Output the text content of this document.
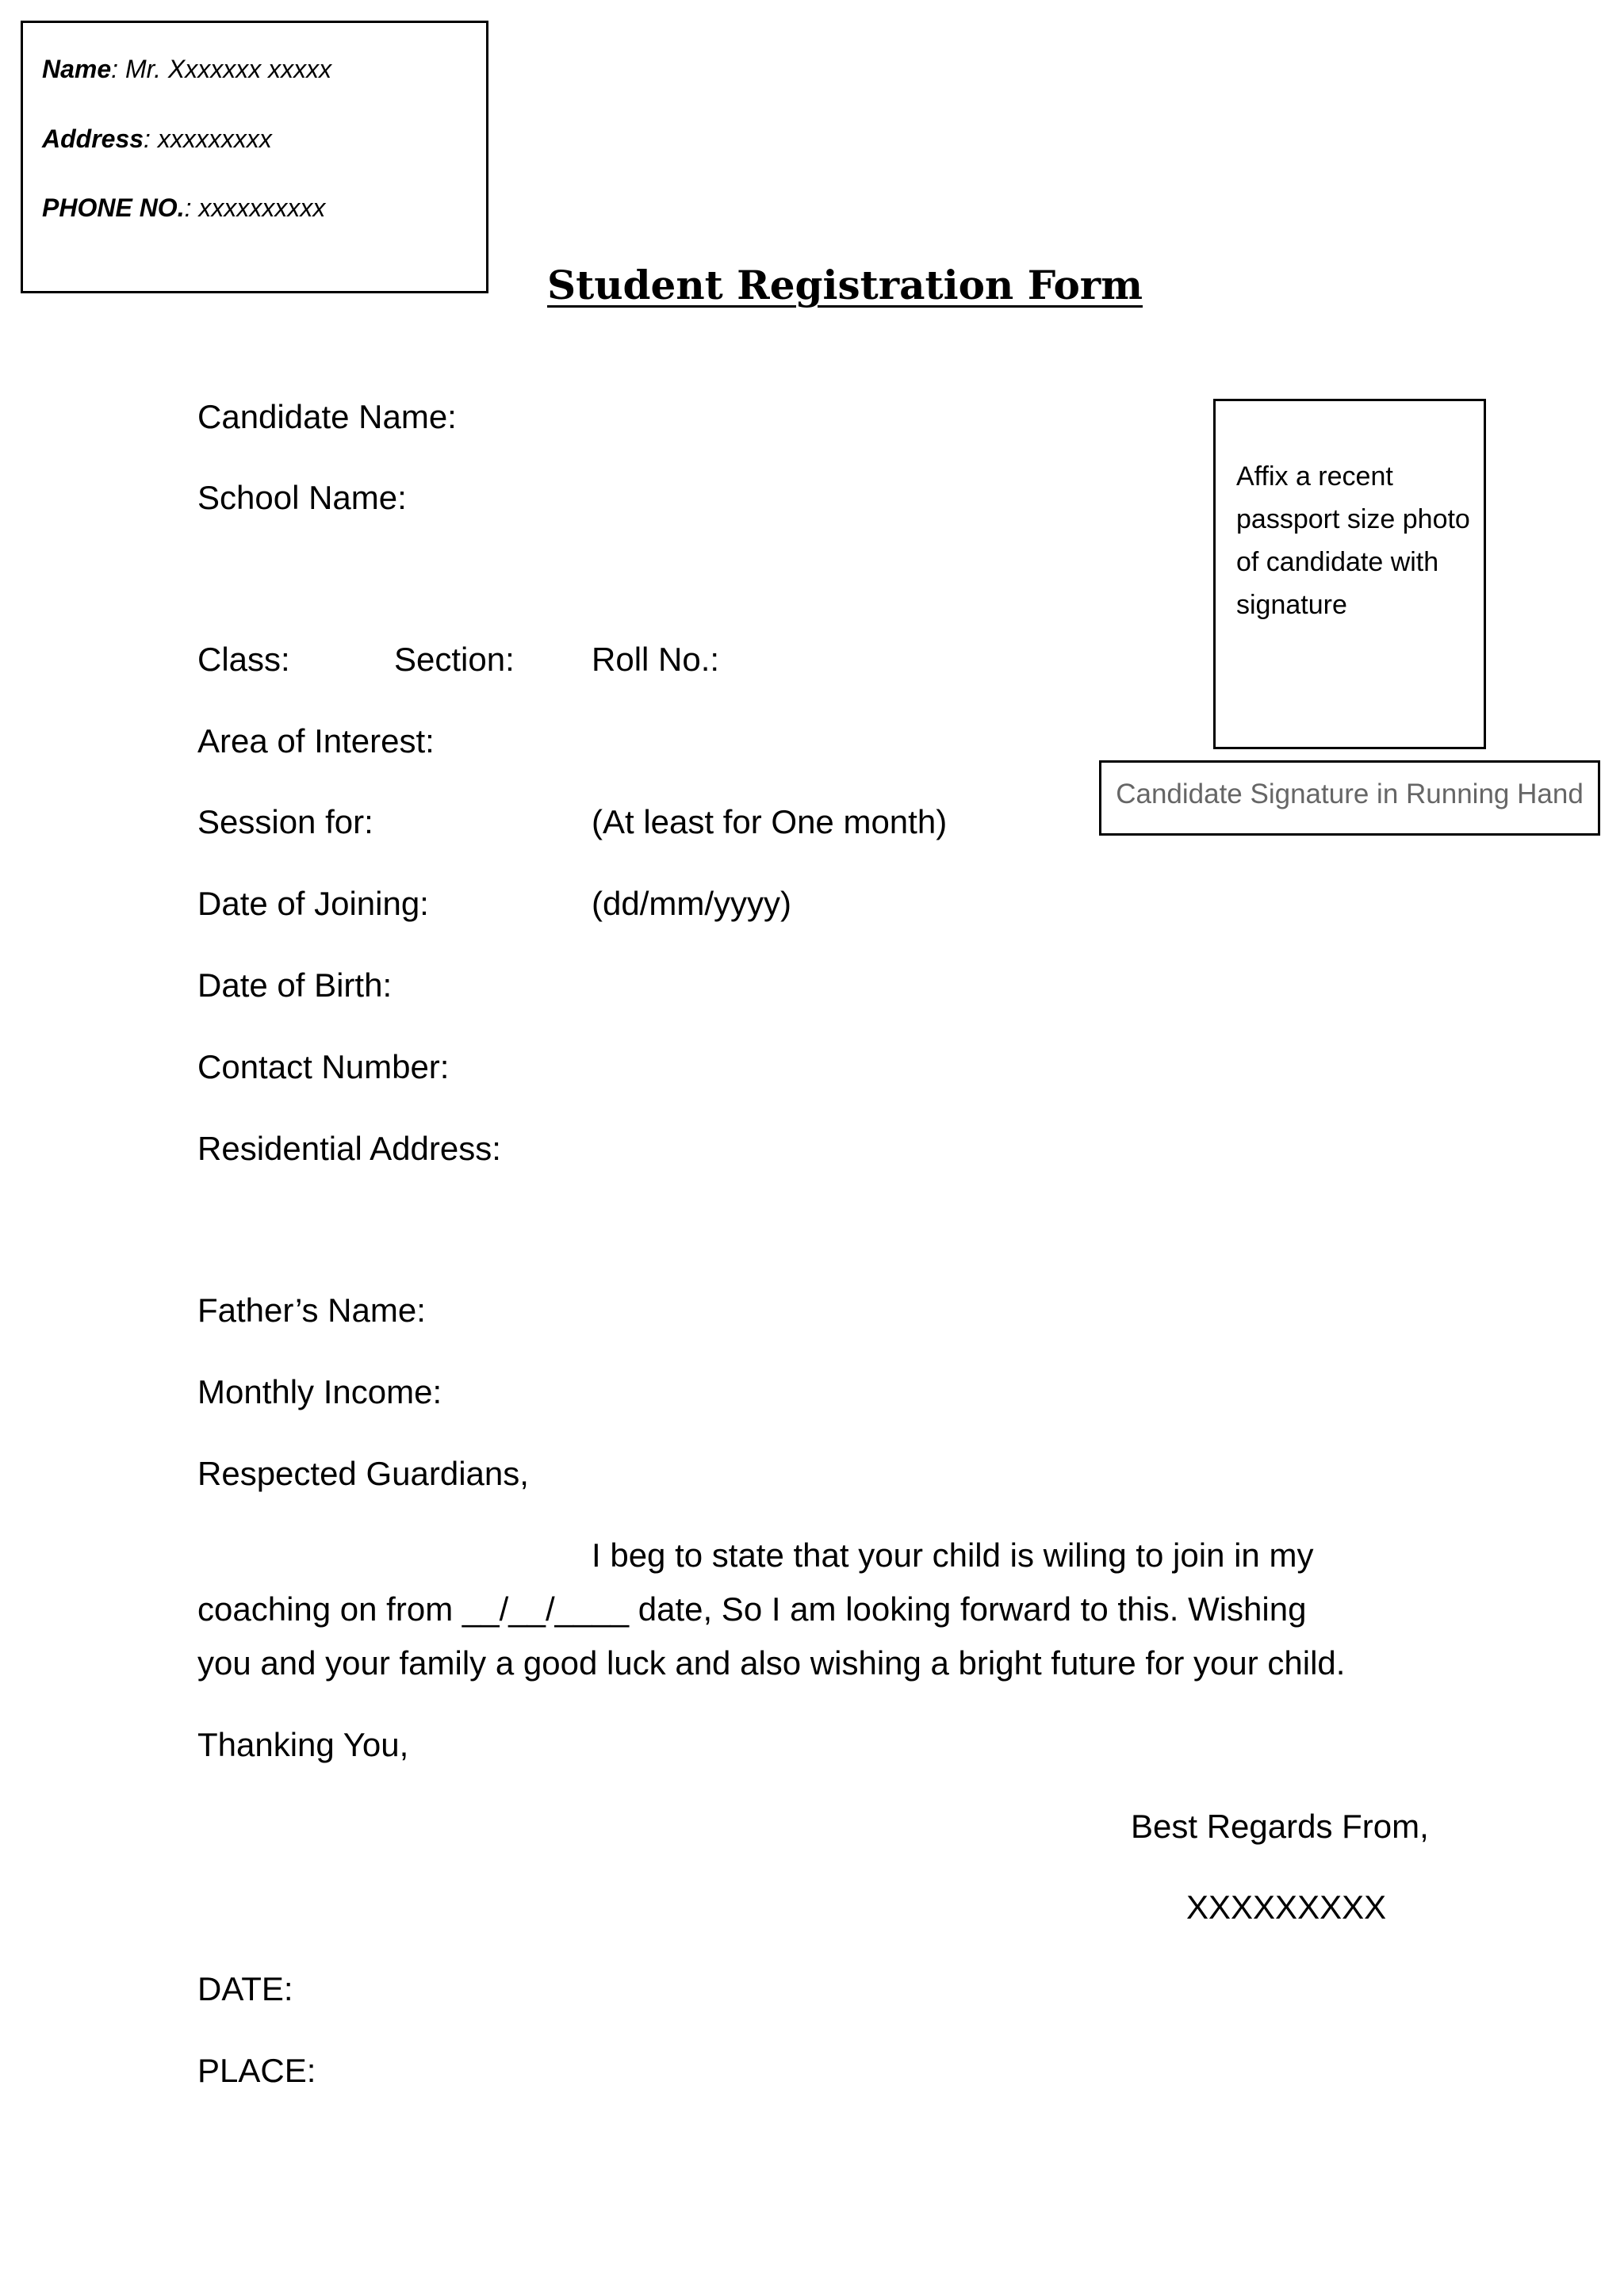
Name: Mr. Xxxxxxx xxxxx
Address: xxxxxxxxx
PHONE NO.: xxxxxxxxxx
Student Registration Form
Affix a recent passport size photo of candidate with signature
Candidate Signature in Running Hand
Candidate Name:
School Name:
Class:	Section: Roll No.:
Area of Interest:
Session for:	(At least for One month)
Date of Joining:	(dd/mm/yyyy)
Date of Birth:
Contact Number:
Residential Address:
Father’s Name:
Monthly Income:
Respected Guardians,
I beg to state that your child is wiling to join in my
coaching on from __/__/____ date, So I am looking forward to this. Wishing
you and your family a good luck and also wishing a bright future for your child.
Thanking You,
Best Regards From,
XXXXXXXXX
DATE:
PLACE:
